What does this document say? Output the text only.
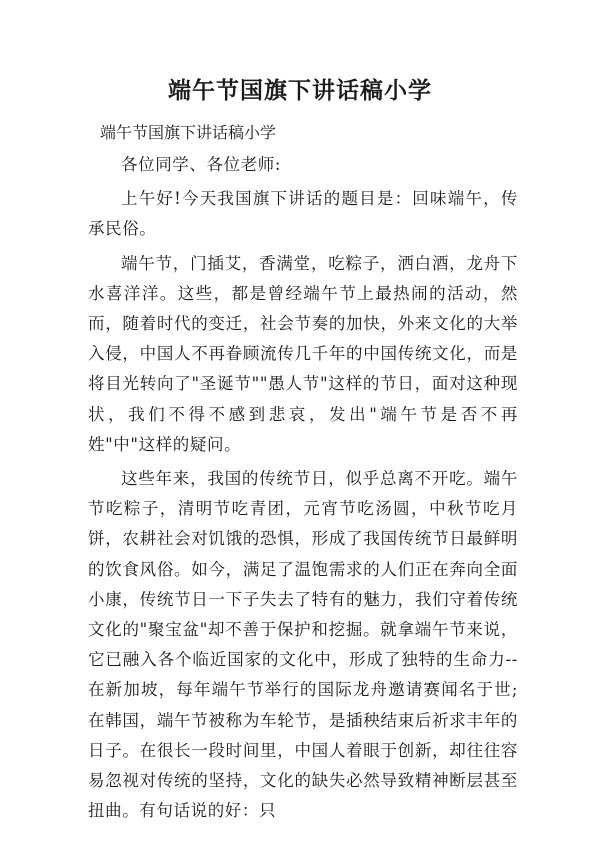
端午节国旗下讲话稿小学
端午节国旗下讲话稿小学

各位同学、各位老师:

上午好!今天我国旗下讲话的题目是：回味端午，传承民俗。

端午节，门插艾，香满堂，吃粽子，洒白酒，龙舟下水喜洋洋。这些，都是曾经端午节上最热闹的活动，然而，随着时代的变迁，社会节奏的加快，外来文化的大举入侵，中国人不再眷顾流传几千年的中国传统文化，而是将目光转向了"圣诞节""愚人节"这样的节日，面对这种现状，我们不得不感到悲哀，发出"端午节是否不再姓"中"这样的疑问。

这些年来，我国的传统节日，似乎总离不开吃。端午节吃粽子，清明节吃青团，元宵节吃汤圆，中秋节吃月饼，农耕社会对饥饿的恐惧，形成了我国传统节日最鲜明的饮食风俗。如今，满足了温饱需求的人们正在奔向全面小康，传统节日一下子失去了特有的魅力，我们守着传统文化的"聚宝盆"却不善于保护和挖掘。就拿端午节来说，它已融入各个临近国家的文化中，形成了独特的生命力--在新加坡，每年端午节举行的国际龙舟邀请赛闻名于世;在韩国，端午节被称为车轮节，是插秧结束后祈求丰年的日子。在很长一段时间里，中国人着眼于创新，却往往容易忽视对传统的坚持，文化的缺失必然导致精神断层甚至扭曲。有句话说的好：只
